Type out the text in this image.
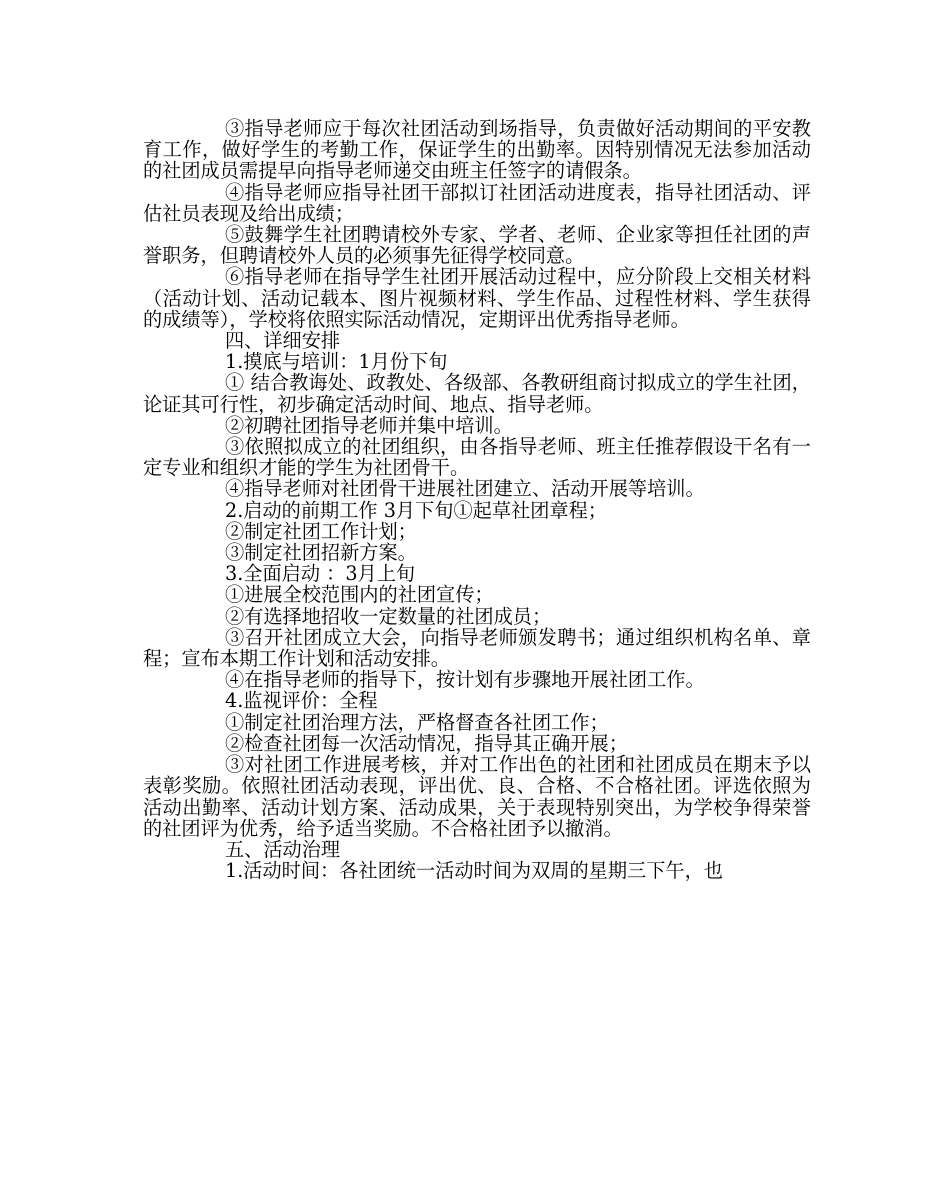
③指导老师应于每次社团活动到场指导，负责做好活动期间的平安教育工作，做好学生的考勤工作，保证学生的出勤率。因特别情况无法参加活动的社团成员需提早向指导老师递交由班主任签字的请假条。

④指导老师应指导社团干部拟订社团活动进度表，指导社团活动、评估社员表现及给出成绩；

⑤鼓舞学生社团聘请校外专家、学者、老师、企业家等担任社团的声誉职务，但聘请校外人员的必须事先征得学校同意。

⑥指导老师在指导学生社团开展活动过程中，应分阶段上交相关材料（活动计划、活动记载本、图片视频材料、学生作品、过程性材料、学生获得的成绩等），学校将依照实际活动情况，定期评出优秀指导老师。

四、详细安排

1.摸底与培训：1月份下旬

① 结合教诲处、政教处、各级部、各教研组商讨拟成立的学生社团，论证其可行性，初步确定活动时间、地点、指导老师。

②初聘社团指导老师并集中培训。

③依照拟成立的社团组织，由各指导老师、班主任推荐假设干名有一定专业和组织才能的学生为社团骨干。

④指导老师对社团骨干进展社团建立、活动开展等培训。

2.启动的前期工作 3月下旬①起草社团章程；

②制定社团工作计划；

③制定社团招新方案。

3.全面启动 ：3月上旬

①进展全校范围内的社团宣传；

②有选择地招收一定数量的社团成员；

③召开社团成立大会，向指导老师颁发聘书；通过组织机构名单、章程；宣布本期工作计划和活动安排。

④在指导老师的指导下，按计划有步骤地开展社团工作。

4.监视评价：全程

①制定社团治理方法，严格督查各社团工作；

②检查社团每一次活动情况，指导其正确开展；

③对社团工作进展考核，并对工作出色的社团和社团成员在期末予以表彰奖励。依照社团活动表现，评出优、良、合格、不合格社团。评选依照为活动出勤率、活动计划方案、活动成果，关于表现特别突出，为学校争得荣誉的社团评为优秀，给予适当奖励。不合格社团予以撤消。

五、活动治理

1.活动时间：各社团统一活动时间为双周的星期三下午，也
